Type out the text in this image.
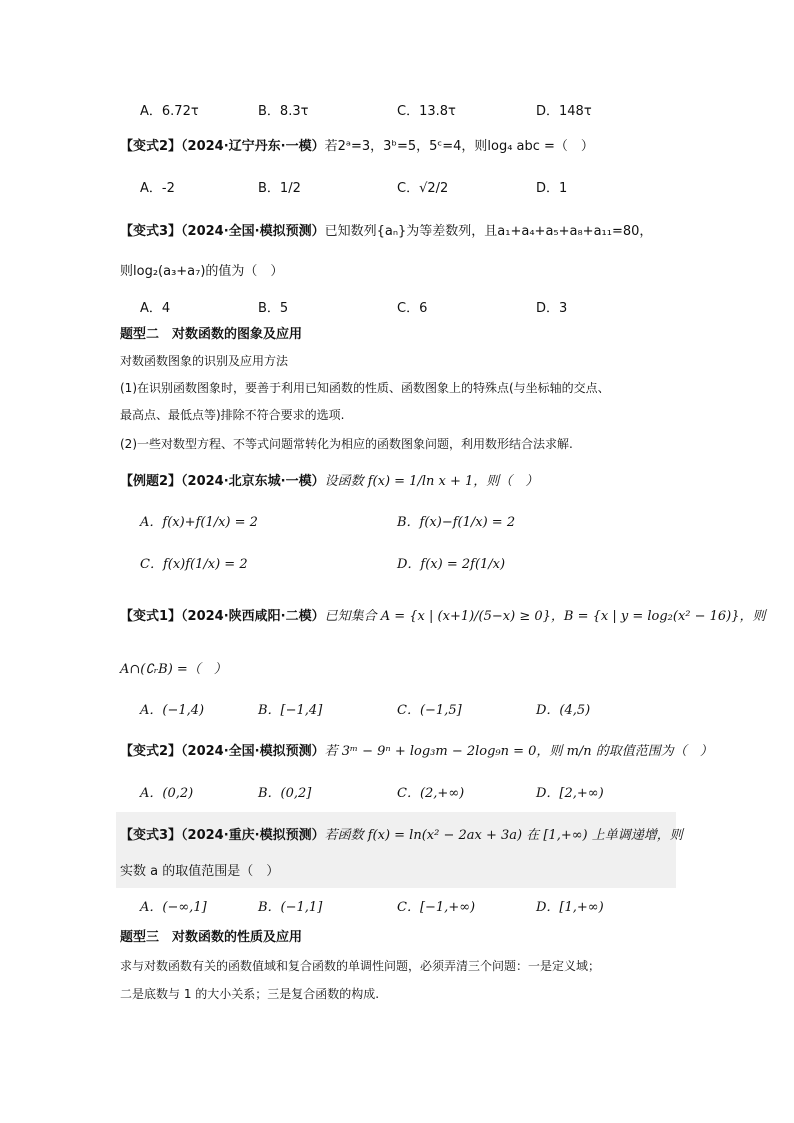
A．6.72τ	B．8.3τ	C．13.8τ	D．148τ
【变式2】（2024·辽宁丹东·一模）若2ᵃ=3，3ᵇ=5，5ᶜ=4，则log₄ abc =（　）
A．-2	B．1/2	C．√2/2	D．1
【变式3】（2024·全国·模拟预测）已知数列{aₙ}为等差数列，且a₁+a₄+a₅+a₈+a₁₁=80，
则log₂(a₃+a₇)的值为（　）
A．4	B．5	C．6	D．3
题型二　对数函数的图象及应用
对数函数图象的识别及应用方法
(1)在识别函数图象时，要善于利用已知函数的性质、函数图象上的特殊点(与坐标轴的交点、
最高点、最低点等)排除不符合要求的选项.
(2)一些对数型方程、不等式问题常转化为相应的函数图象问题，利用数形结合法求解.
【例题2】（2024·北京东城·一模）设函数 f(x) = 1/ln x + 1，则（　）
A．f(x)+f(1/x) = 2	B．f(x)−f(1/x) = 2
C．f(x)f(1/x) = 2	D．f(x) = 2f(1/x)
【变式1】（2024·陕西咸阳·二模）已知集合 A = {x | (x+1)/(5−x) ≥ 0}，B = {x | y = log₂(x² − 16)}，则
A∩(∁ᵣB) =（　）
A．(−1,4)	B．[−1,4]	C．(−1,5]	D．(4,5)
【变式2】（2024·全国·模拟预测）若 3ᵐ − 9ⁿ + log₃m − 2log₉n = 0，则 m/n 的取值范围为（　）
A．(0,2)	B．(0,2]	C．(2,+∞)	D．[2,+∞)
【变式3】（2024·重庆·模拟预测）若函数 f(x) = ln(x² − 2ax + 3a) 在 [1,+∞) 上单调递增，则
实数 a 的取值范围是（　）
A．(−∞,1]	B．(−1,1]	C．[−1,+∞)	D．[1,+∞)
题型三　对数函数的性质及应用
求与对数函数有关的函数值域和复合函数的单调性问题，必须弄清三个问题：一是定义域；
二是底数与 1 的大小关系；三是复合函数的构成.
